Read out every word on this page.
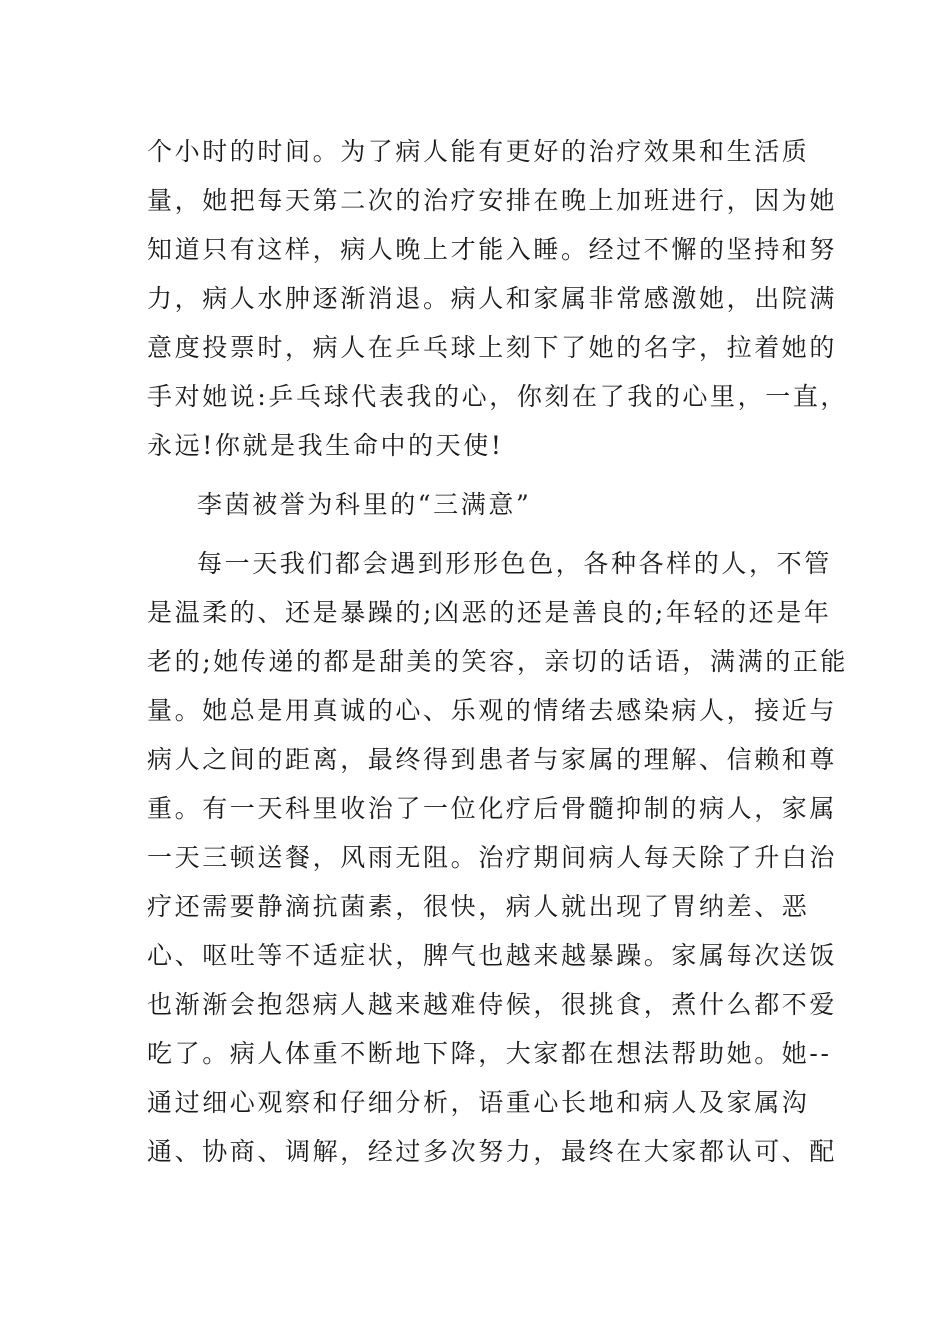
个小时的时间。为了病人能有更好的治疗效果和生活质
量，她把每天第二次的治疗安排在晚上加班进行，因为她
知道只有这样，病人晚上才能入睡。经过不懈的坚持和努
力，病人水肿逐渐消退。病人和家属非常感激她，出院满
意度投票时，病人在乒乓球上刻下了她的名字，拉着她的
手对她说:乒乓球代表我的心，你刻在了我的心里，一直，
永远!你就是我生命中的天使!
李茵被誉为科里的“三满意”
每一天我们都会遇到形形色色，各种各样的人，不管
是温柔的、还是暴躁的;凶恶的还是善良的;年轻的还是年
老的;她传递的都是甜美的笑容，亲切的话语，满满的正能
量。她总是用真诚的心、乐观的情绪去感染病人，接近与
病人之间的距离，最终得到患者与家属的理解、信赖和尊
重。有一天科里收治了一位化疗后骨髓抑制的病人，家属
一天三顿送餐，风雨无阻。治疗期间病人每天除了升白治
疗还需要静滴抗菌素，很快，病人就出现了胃纳差、恶
心、呕吐等不适症状，脾气也越来越暴躁。家属每次送饭
也渐渐会抱怨病人越来越难侍候，很挑食，煮什么都不爱
吃了。病人体重不断地下降，大家都在想法帮助她。她--
通过细心观察和仔细分析，语重心长地和病人及家属沟
通、协商、调解，经过多次努力，最终在大家都认可、配
